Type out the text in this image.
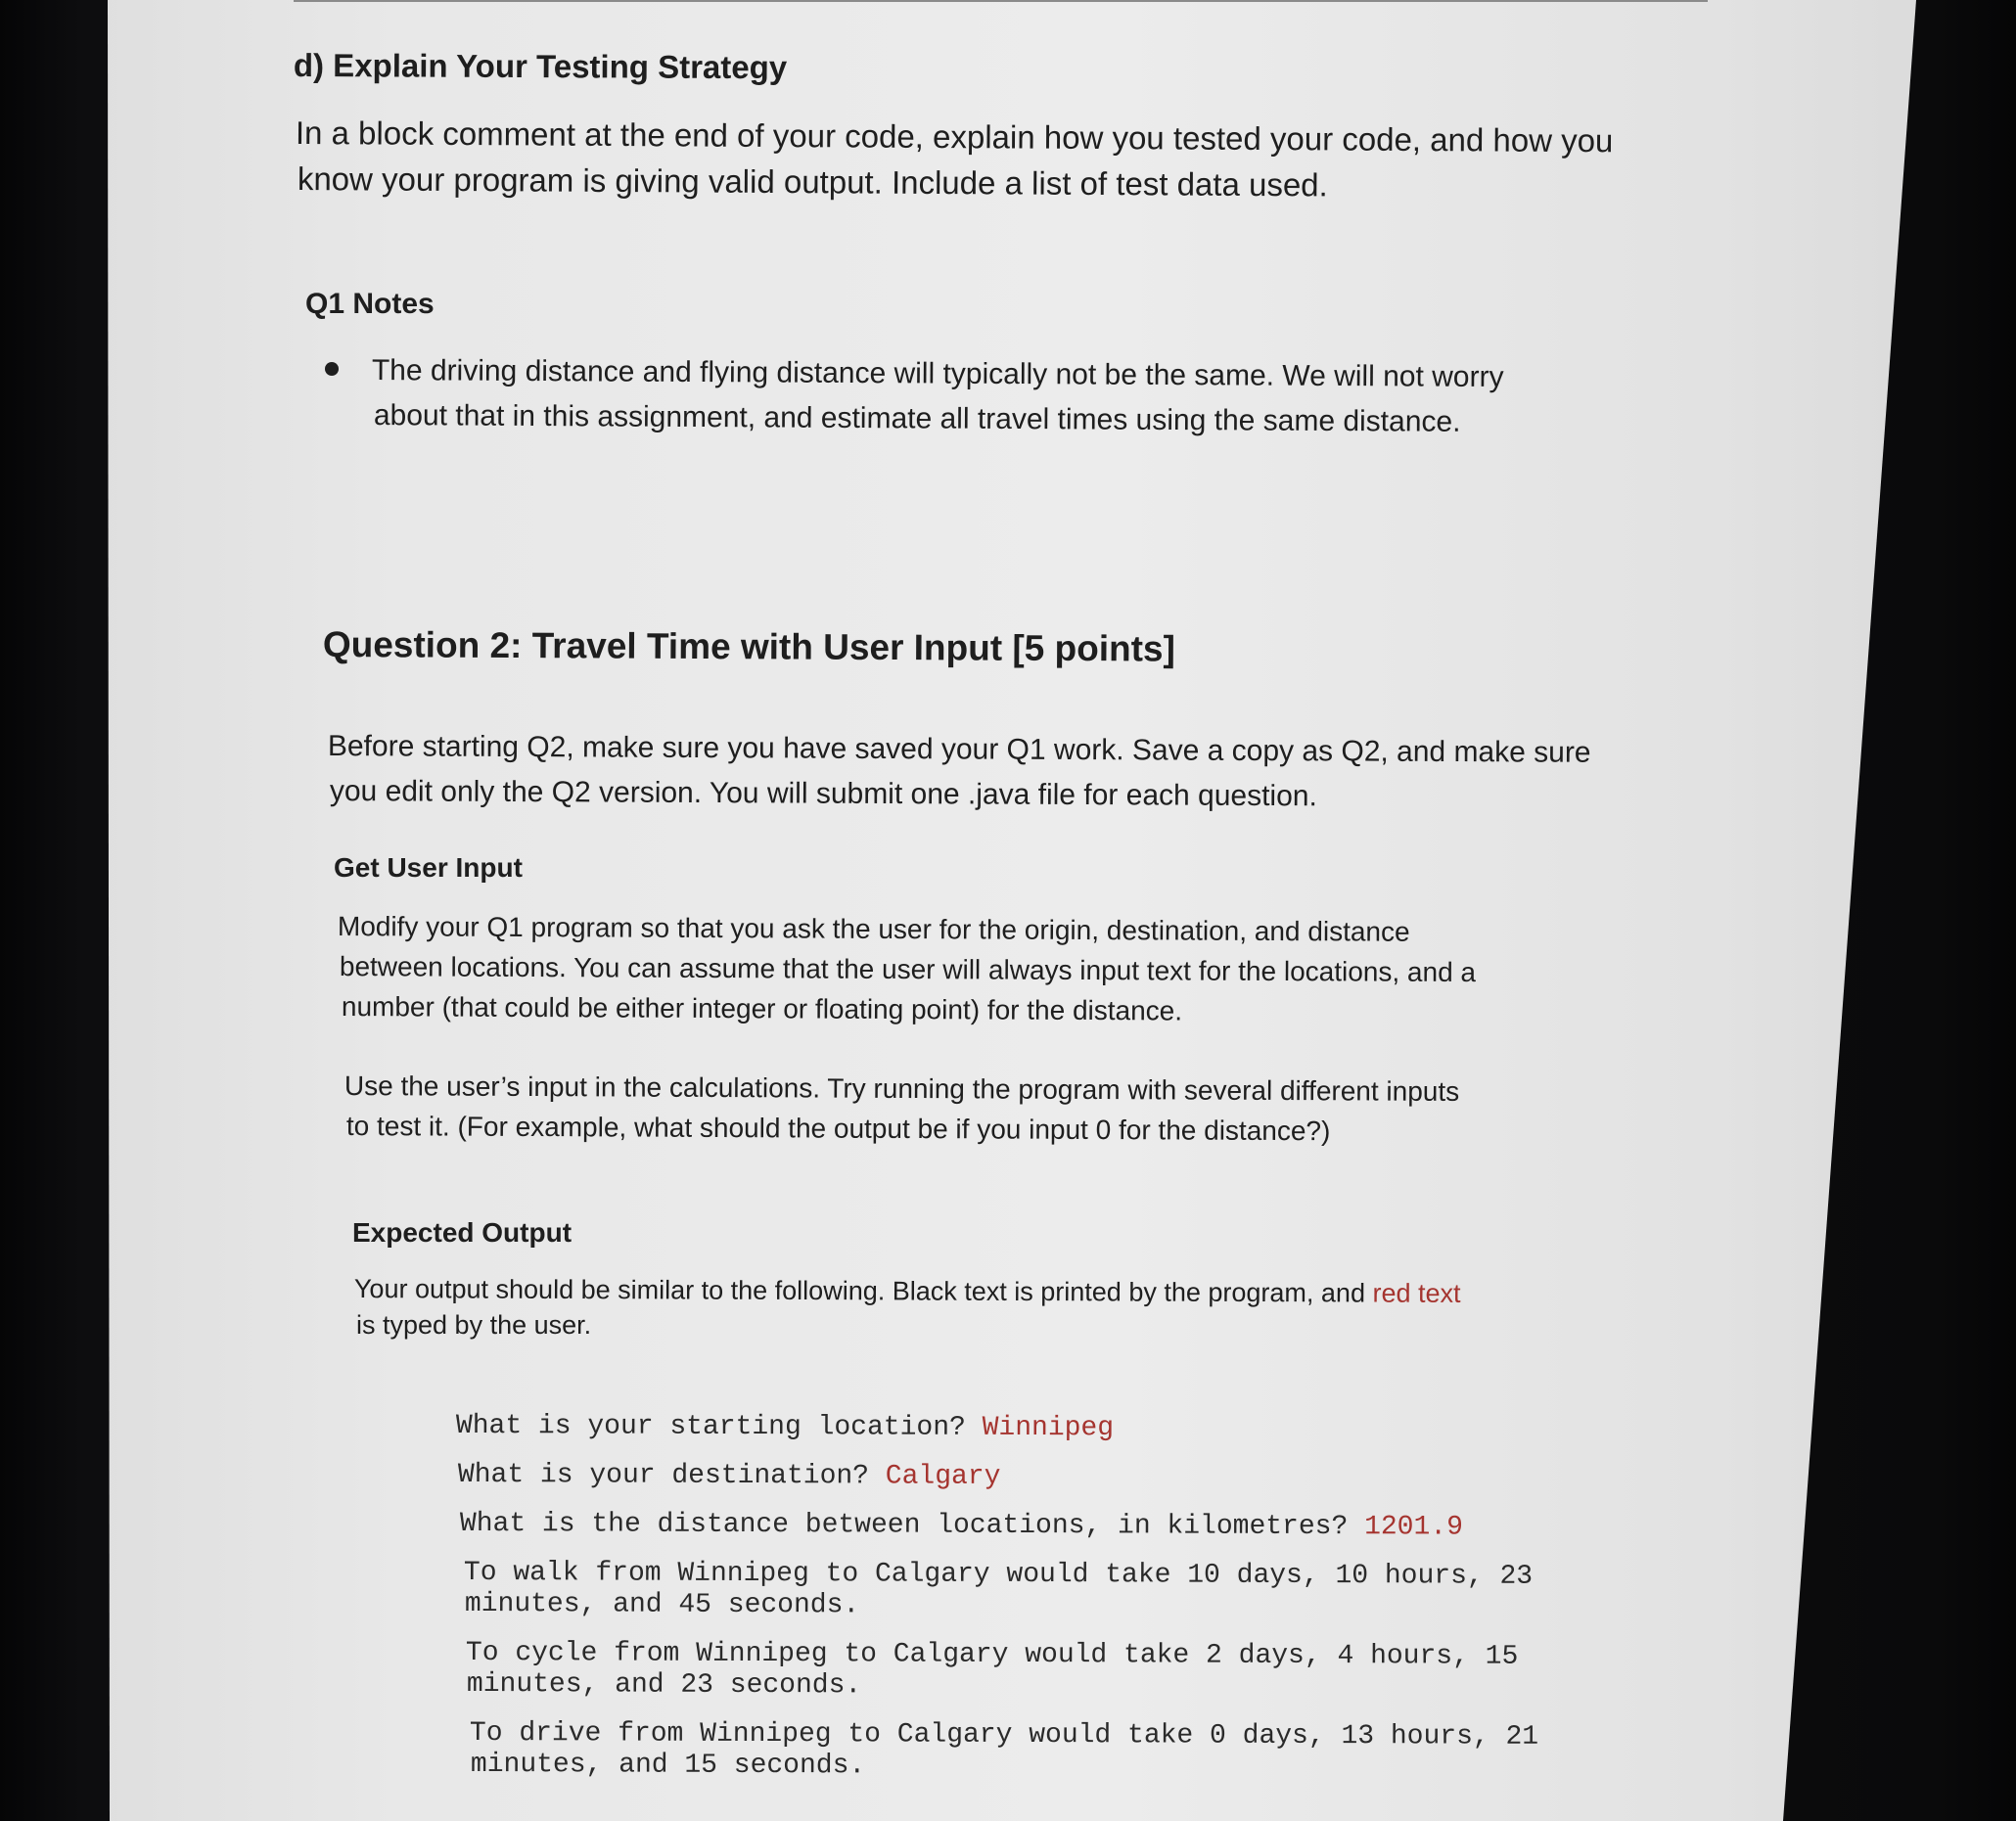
d) Explain Your Testing Strategy

In a block comment at the end of your code, explain how you tested your code, and how you

know your program is giving valid output. Include a list of test data used.

Q1 Notes

The driving distance and flying distance will typically not be the same. We will not worry

about that in this assignment, and estimate all travel times using the same distance.

Question 2: Travel Time with User Input [5 points]

Before starting Q2, make sure you have saved your Q1 work. Save a copy as Q2, and make sure

you edit only the Q2 version. You will submit one .java file for each question.

Get User Input

Modify your Q1 program so that you ask the user for the origin, destination, and distance

between locations. You can assume that the user will always input text for the locations, and a

number (that could be either integer or floating point) for the distance.

Use the user’s input in the calculations. Try running the program with several different inputs

to test it. (For example, what should the output be if you input 0 for the distance?)

Expected Output

Your output should be similar to the following. Black text is printed by the program, and red text

is typed by the user.

What is your starting location? Winnipeg

What is your destination? Calgary

What is the distance between locations, in kilometres? 1201.9

To walk from Winnipeg to Calgary would take 10 days, 10 hours, 23

minutes, and 45 seconds.

To cycle from Winnipeg to Calgary would take 2 days, 4 hours, 15

minutes, and 23 seconds.

To drive from Winnipeg to Calgary would take 0 days, 13 hours, 21

minutes, and 15 seconds.
